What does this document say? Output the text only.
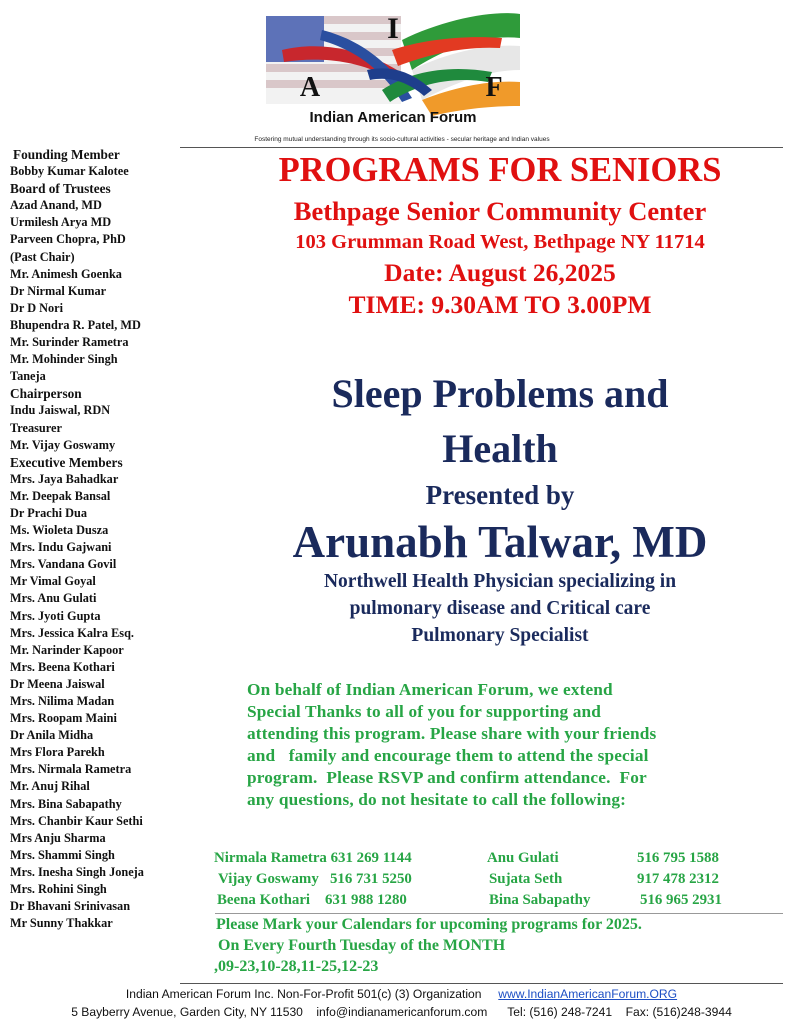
I
A	F
Indian American Forum
Fostering mutual understanding through its socio-cultural activities - secular heritage and Indian values
Founding Member
Bobby Kumar Kalotee
Board of Trustees
Azad Anand, MD
Urmilesh Arya MD
Parveen Chopra, PhD
(Past Chair)
Mr. Animesh Goenka
Dr Nirmal Kumar
Dr D Nori
Bhupendra R. Patel, MD
Mr. Surinder Rametra
Mr. Mohinder Singh
Taneja
Chairperson
Indu Jaiswal, RDN
Treasurer
Mr. Vijay Goswamy
Executive Members
Mrs. Jaya Bahadkar
Mr. Deepak Bansal
Dr Prachi Dua
Ms. Wioleta Dusza
Mrs. Indu Gajwani
Mrs. Vandana Govil
Mr Vimal Goyal
Mrs. Anu Gulati
Mrs. Jyoti Gupta
Mrs. Jessica Kalra Esq.
Mr. Narinder Kapoor
Mrs. Beena Kothari
Dr Meena Jaiswal
Mrs. Nilima Madan
Mrs. Roopam Maini
Dr Anila Midha
Mrs Flora Parekh
Mrs. Nirmala Rametra
Mr. Anuj Rihal
Mrs. Bina Sabapathy
Mrs. Chanbir Kaur Sethi
Mrs Anju Sharma
Mrs. Shammi Singh
Mrs. Inesha Singh Joneja
Mrs. Rohini Singh
Dr Bhavani Srinivasan
Mr Sunny Thakkar
PROGRAMS FOR SENIORS
Bethpage Senior Community Center
103 Grumman Road West, Bethpage NY 11714
Date: August 26,2025
TIME: 9.30AM TO 3.00PM
Sleep Problems and
Health
Presented by
Arunabh Talwar, MD
Northwell Health Physician specializing in
pulmonary disease and Critical care
Pulmonary Specialist
On behalf of Indian American Forum, we extend
Special Thanks to all of you for supporting and
attending this program. Please share with your friends
and   family and encourage them to attend the special
program.  Please RSVP and confirm attendance.  For
any questions, do not hesitate to call the following:
Nirmala Rametra 631 269 1144	Anu Gulati	516 795 1588
Vijay Goswamy   516 731 5250	Sujata Seth	917 478 2312
Beena Kothari    631 988 1280	Bina Sabapathy	516 965 2931
Please Mark your Calendars for upcoming programs for 2025.
On Every Fourth Tuesday of the MONTH
,09-23,10-28,11-25,12-23
Indian American Forum Inc. Non-For-Profit 501(c) (3) Organization www.IndianAmericanForum.ORG
5 Bayberry Avenue, Garden City, NY 11530 info@indianamericanforum.com Tel: (516) 248-7241 Fax: (516)248-3944
